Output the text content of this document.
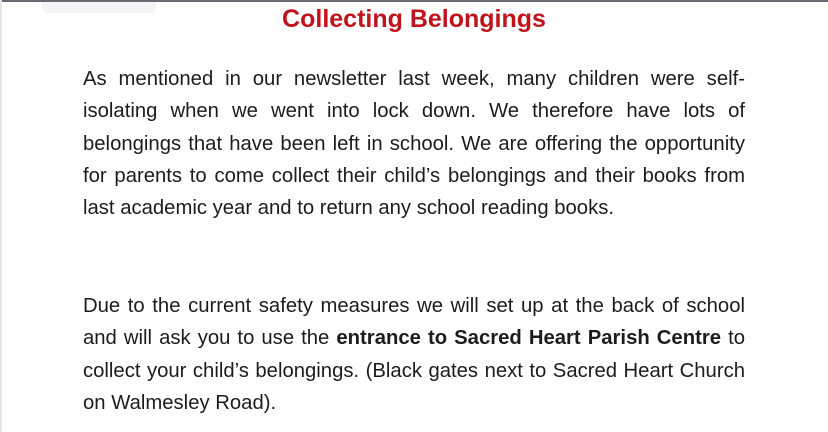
Collecting Belongings

As mentioned in our newsletter last week, many children were self-isolating when we went into lock down. We therefore have lots of belongings that have been left in school. We are offering the opportunity for parents to come collect their child’s belongings and their books from last academic year and to return any school reading books.

Due to the current safety measures we will set up at the back of school and will ask you to use the entrance to Sacred Heart Parish Centre to collect your child’s belongings. (Black gates next to Sacred Heart Church on Walmesley Road).
